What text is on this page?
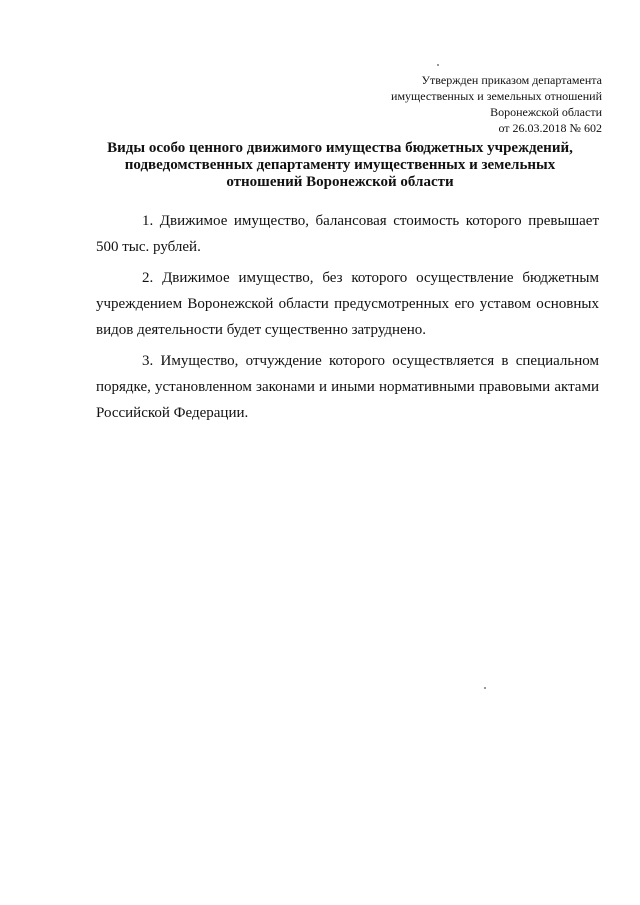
Утвержден приказом департамента
имущественных и земельных отношений
Воронежской области
от 26.03.2018 № 602
Виды особо ценного движимого имущества бюджетных учреждений,
подведомственных департаменту имущественных и земельных
отношений Воронежской области

1. Движимое имущество, балансовая стоимость которого превышает 500 тыс. рублей.

2. Движимое имущество, без которого осуществление бюджетным учреждением Воронежской области предусмотренных его уставом основных видов деятельности будет существенно затруднено.

3. Имущество, отчуждение которого осуществляется в специальном порядке, установленном законами и иными нормативными правовыми актами Российской Федерации.
